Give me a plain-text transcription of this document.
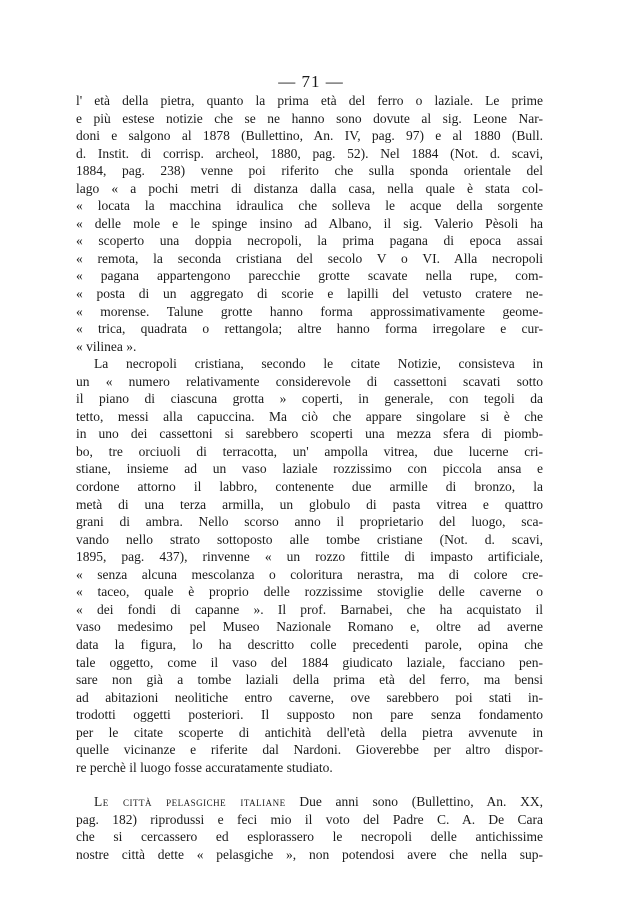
— 71 —
l' età della pietra, quanto la prima età del ferro o laziale. Le prime
e più estese notizie che se ne hanno sono dovute al sig. Leone Nar-
doni e salgono al 1878 (Bullettino, An. IV, pag. 97) e al 1880 (Bull.
d. Instit. di corrisp. archeol, 1880, pag. 52). Nel 1884 (Not. d. scavi,
1884, pag. 238) venne poi riferito che sulla sponda orientale del
lago « a pochi metri di distanza dalla casa, nella quale è stata col-
« locata la macchina idraulica che solleva le acque della sorgente
« delle mole e le spinge insino ad Albano, il sig. Valerio Pèsoli ha
« scoperto una doppia necropoli, la prima pagana di epoca assai
« remota, la seconda cristiana del secolo V o VI. Alla necropoli
« pagana appartengono parecchie grotte scavate nella rupe, com-
« posta di un aggregato di scorie e lapilli del vetusto cratere ne-
« morense. Talune grotte hanno forma approssimativamente geome-
« trica, quadrata o rettangola; altre hanno forma irregolare e cur-
« vilinea ».
La necropoli cristiana, secondo le citate Notizie, consisteva in
un « numero relativamente considerevole di cassettoni scavati sotto
il piano di ciascuna grotta » coperti, in generale, con tegoli da
tetto, messi alla capuccina. Ma ciò che appare singolare si è che
in uno dei cassettoni si sarebbero scoperti una mezza sfera di piomb-
bo, tre orciuoli di terracotta, un' ampolla vitrea, due lucerne cri-
stiane, insieme ad un vaso laziale rozzissimo con piccola ansa e
cordone attorno il labbro, contenente due armille di bronzo, la
metà di una terza armilla, un globulo di pasta vitrea e quattro
grani di ambra. Nello scorso anno il proprietario del luogo, sca-
vando nello strato sottoposto alle tombe cristiane (Not. d. scavi,
1895, pag. 437), rinvenne « un rozzo fittile di impasto artificiale,
« senza alcuna mescolanza o coloritura nerastra, ma di colore cre-
« taceo, quale è proprio delle rozzissime stoviglie delle caverne o
« dei fondi di capanne ». Il prof. Barnabei, che ha acquistato il
vaso medesimo pel Museo Nazionale Romano e, oltre ad averne
data la figura, lo ha descritto colle precedenti parole, opina che
tale oggetto, come il vaso del 1884 giudicato laziale, facciano pen-
sare non già a tombe laziali della prima età del ferro, ma bensi
ad abitazioni neolitiche entro caverne, ove sarebbero poi stati in-
trodotti oggetti posteriori. Il supposto non pare senza fondamento
per le citate scoperte di antichità dell'età della pietra avvenute in
quelle vicinanze e riferite dal Nardoni. Gioverebbe per altro dispor-
re perchè il luogo fosse accuratamente studiato.
Le città pelasgiche italiane Due anni sono (Bullettino, An. XX,
pag. 182) riprodussi e feci mio il voto del Padre C. A. De Cara
che si cercassero ed esplorassero le necropoli delle antichissime
nostre città dette « pelasgiche », non potendosi avere che nella sup-
